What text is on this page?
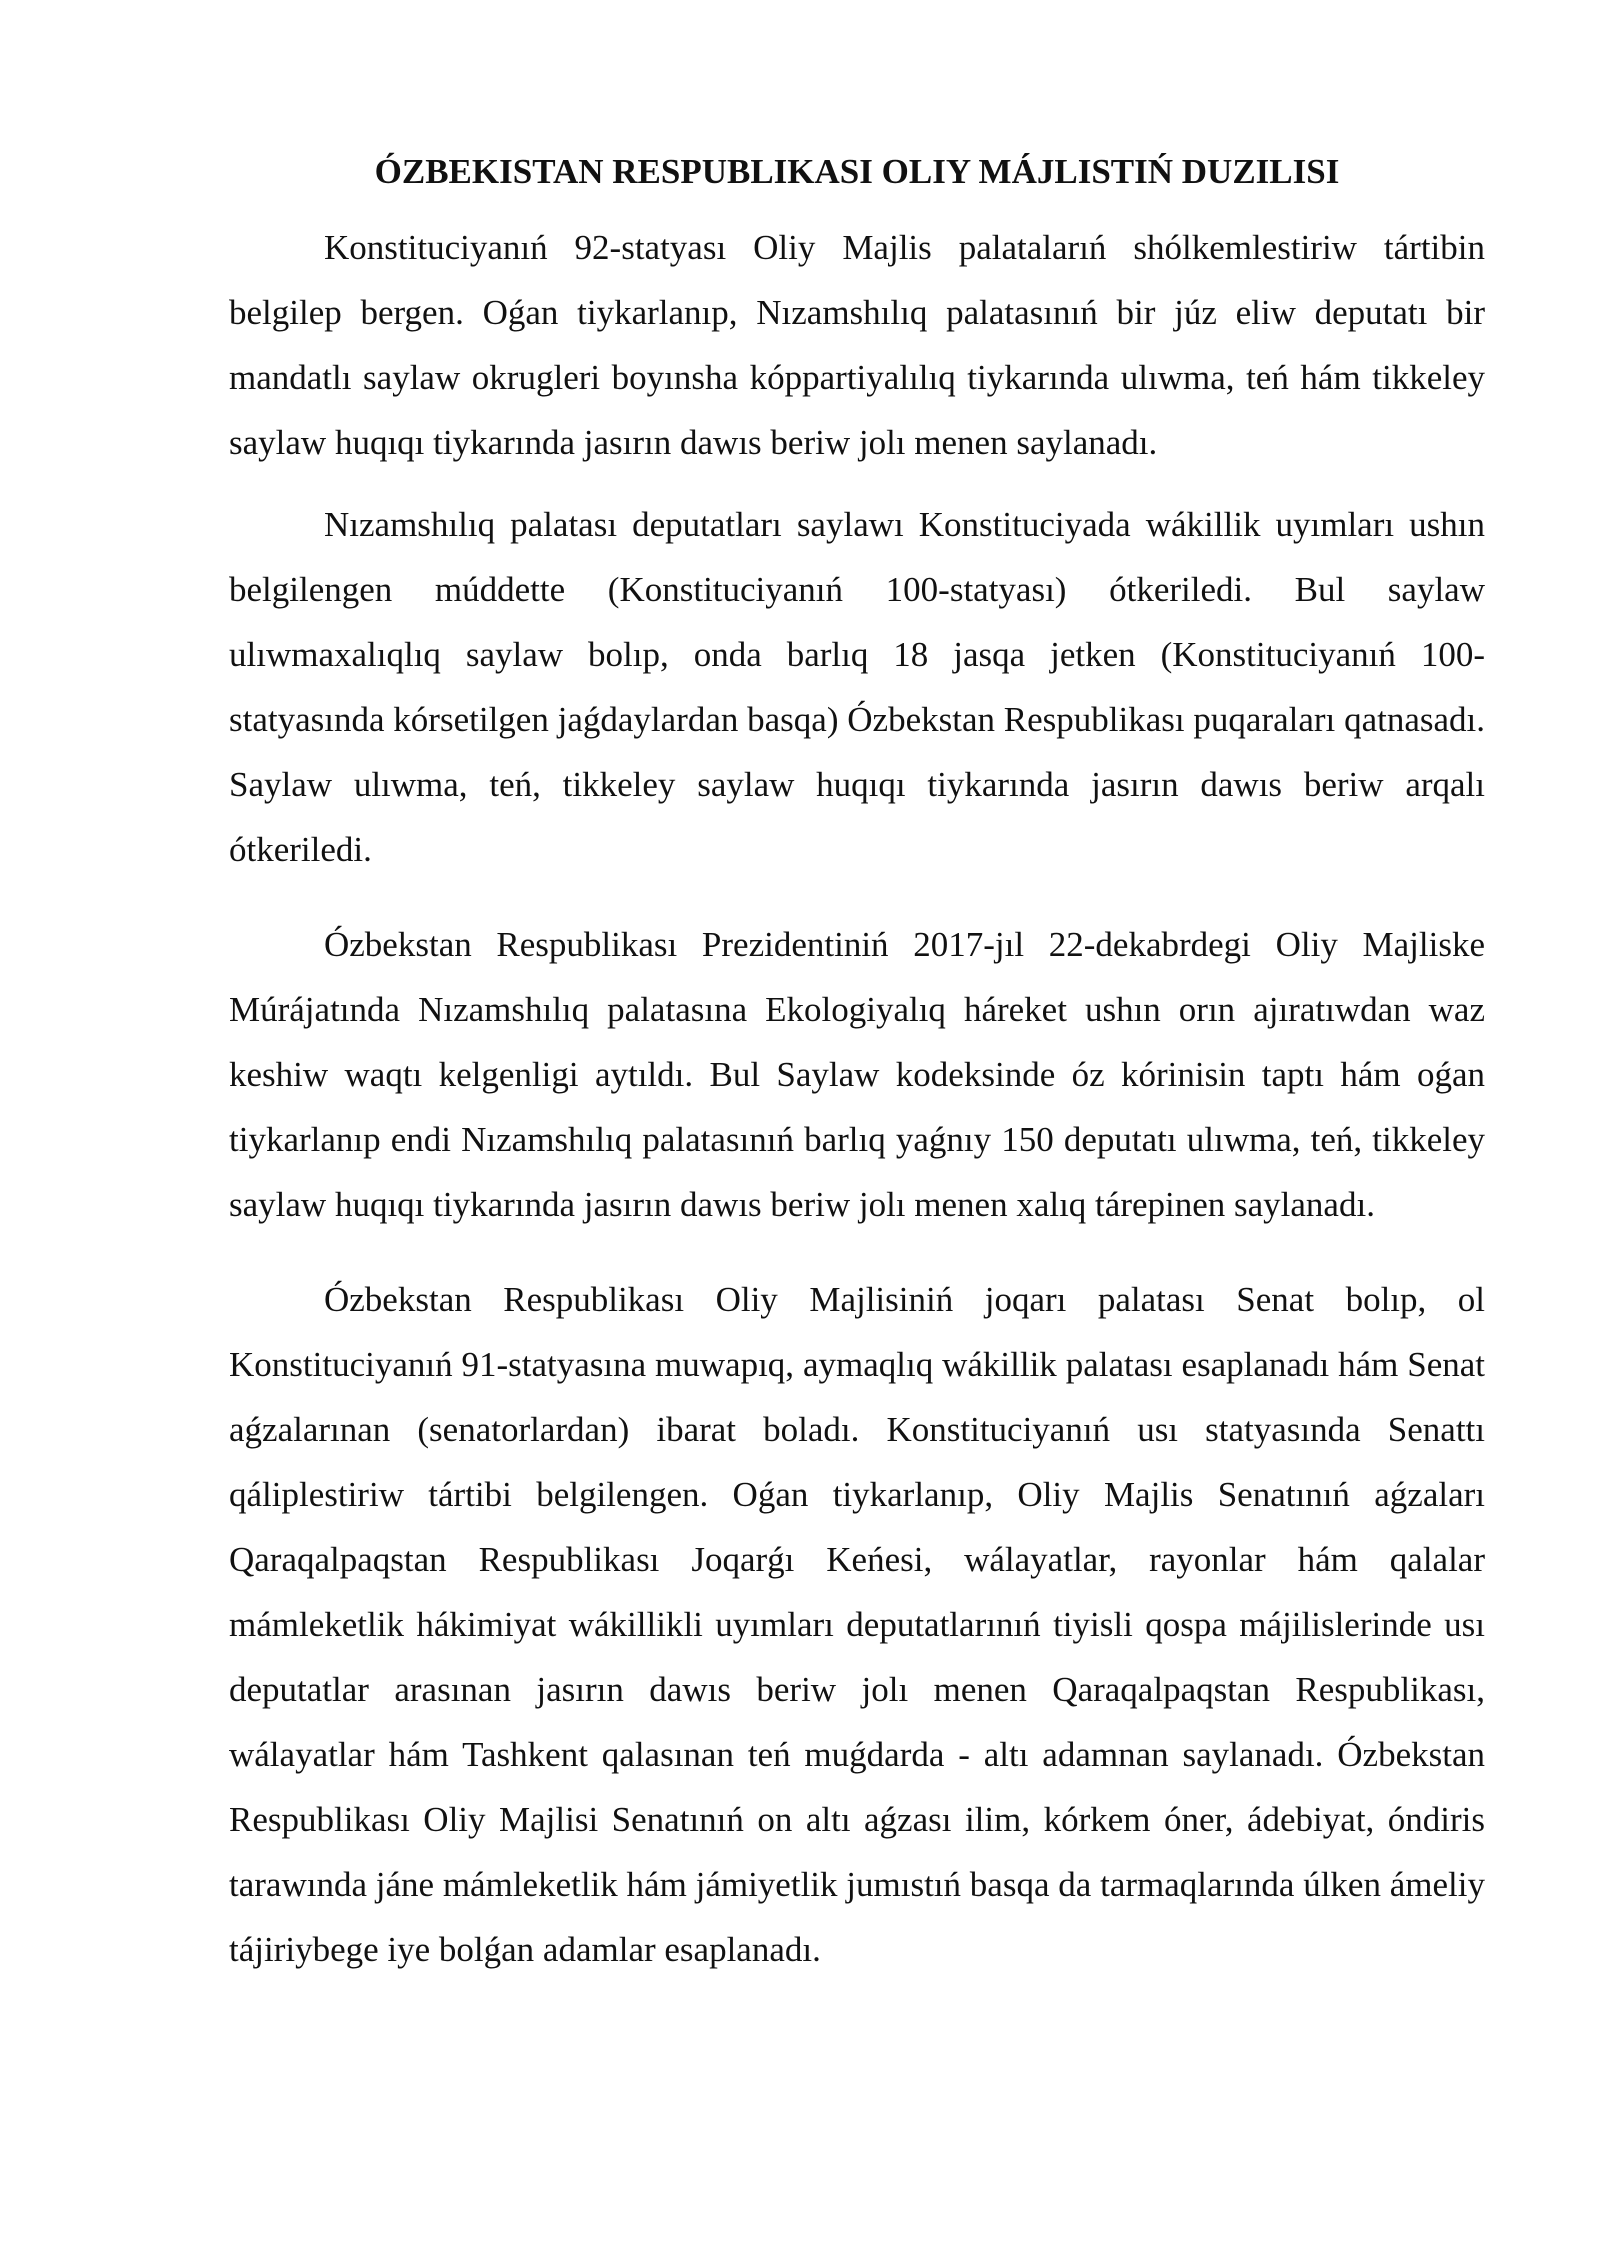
ÓZBEKISTAN RESPUBLIKASI OLIY MÁJLISTIŃ DUZILISI

Konstituciyanıń 92-statyası Oliy Majlis palatalarıń shólkemlestiriw tártibin belgilep bergen. Oǵan tiykarlanıp, Nızamshılıq palatasınıń bir júz eliw deputatı bir mandatlı saylaw okrugleri boyınsha kóppartiyalılıq tiykarında ulıwma, teń hám tikkeley saylaw huqıqı tiykarında jasırın dawıs beriw jolı menen saylanadı.

Nızamshılıq palatası deputatları saylawı Konstituciyada wákillik uyımları ushın belgilengen múddette (Konstituciyanıń 100-statyası) ótkeriledi. Bul saylaw ulıwmaxalıqlıq saylaw bolıp, onda barlıq 18 jasqa jetken (Konstituciyanıń 100-statyasında kórsetilgen jaǵdaylardan basqa) Ózbekstan Respublikası puqaraları qatnasadı. Saylaw ulıwma, teń, tikkeley saylaw huqıqı tiykarında jasırın dawıs beriw arqalı ótkeriledi.

Ózbekstan Respublikası Prezidentiniń 2017-jıl 22-dekabrdegi Oliy Majliske Múrájatında Nızamshılıq palatasına Ekologiyalıq háreket ushın orın ajıratıwdan waz keshiw waqtı kelgenligi aytıldı. Bul Saylaw kodeksinde óz kórinisin taptı hám oǵan tiykarlanıp endi Nızamshılıq palatasınıń barlıq yaǵnıy 150 deputatı ulıwma, teń, tikkeley saylaw huqıqı tiykarında jasırın dawıs beriw jolı menen xalıq tárepinen saylanadı.

Ózbekstan Respublikası Oliy Majlisiniń joqarı palatası Senat bolıp, ol Konstituciyanıń 91-statyasına muwapıq, aymaqlıq wákillik palatası esaplanadı hám Senat aǵzalarınan (senatorlardan) ibarat boladı. Konstituciyanıń usı statyasında Senattı qáliplestiriw tártibi belgilengen. Oǵan tiykarlanıp, Oliy Majlis Senatınıń aǵzaları Qaraqalpaqstan Respublikası Joqarǵı Keńesi, wálayatlar, rayonlar hám qalalar mámleketlik hákimiyat wákillikli uyımları deputatlarınıń tiyisli qospa májilislerinde usı deputatlar arasınan jasırın dawıs beriw jolı menen Qaraqalpaqstan Respublikası, wálayatlar hám Tashkent qalasınan teń muǵdarda - altı adamnan saylanadı. Ózbekstan Respublikası Oliy Majlisi Senatınıń on altı aǵzası ilim, kórkem óner, ádebiyat, óndiris tarawında jáne mámleketlik hám jámiyetlik jumıstıń basqa da tarmaqlarında úlken ámeliy tájiriybege iye bolǵan adamlar esaplanadı.
